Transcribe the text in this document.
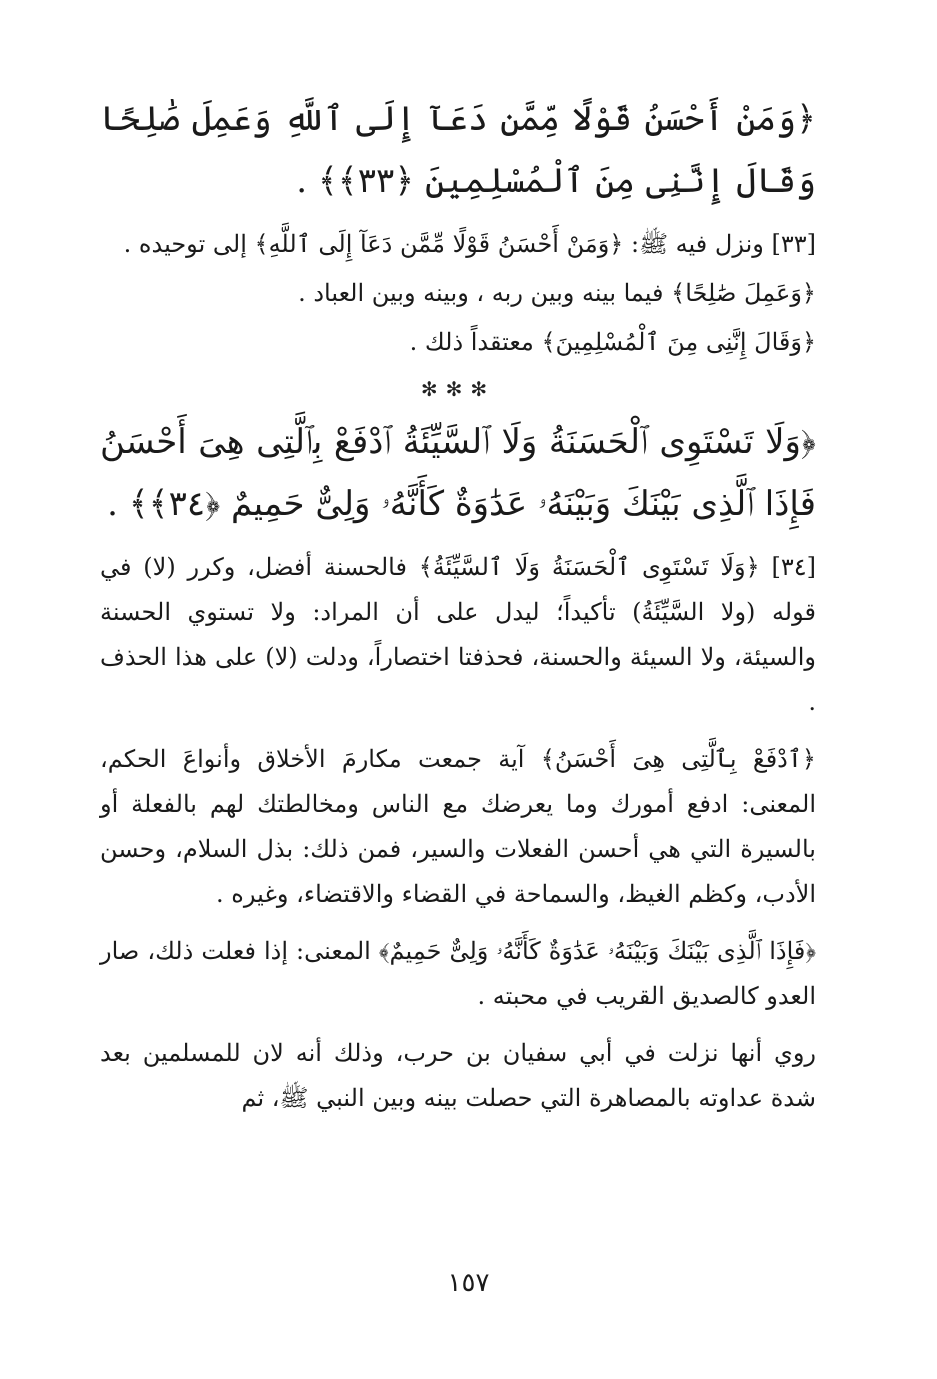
﴿وَمَنْ أَحْسَنُ قَوْلًا مِّمَّن دَعَآ إِلَى ٱللَّهِ وَعَمِلَ صَٰلِحًا وَقَالَ إِنَّنِى مِنَ ٱلْمُسْلِمِينَ ﴿٣٣﴾﴾ .

[٣٣] ونزل فيه ﷺ: ﴿وَمَنْ أَحْسَنُ قَوْلًا مِّمَّن دَعَآ إِلَى ٱللَّهِ﴾ إلى توحيده .

﴿وَعَمِلَ صَٰلِحًا﴾ فيما بينه وبين ربه ، وبينه وبين العباد .

﴿وَقَالَ إِنَّنِى مِنَ ٱلْمُسْلِمِينَ﴾ معتقداً ذلك .

✻✻✻

﴿وَلَا تَسْتَوِى ٱلْحَسَنَةُ وَلَا ٱلسَّيِّئَةُ ٱدْفَعْ بِٱلَّتِى هِىَ أَحْسَنُ فَإِذَا ٱلَّذِى بَيْنَكَ وَبَيْنَهُۥ عَدَٰوَةٌ كَأَنَّهُۥ وَلِىٌّ حَمِيمٌ ﴿٣٤﴾﴾ .

[٣٤] ﴿وَلَا تَسْتَوِى ٱلْحَسَنَةُ وَلَا ٱلسَّيِّئَةُ﴾ فالحسنة أفضل، وكرر (لا) في قوله (ولا السَّيِّئَةُ) تأكيداً؛ ليدل على أن المراد: ولا تستوي الحسنة والسيئة، ولا السيئة والحسنة، فحذفتا اختصاراً، ودلت (لا) على هذا الحذف .

﴿ٱدْفَعْ بِٱلَّتِى هِىَ أَحْسَنُ﴾ آية جمعت مكارمَ الأخلاق وأنواعَ الحكم، المعنى: ادفع أمورك وما يعرضك مع الناس ومخالطتك لهم بالفعلة أو بالسيرة التي هي أحسن الفعلات والسير، فمن ذلك: بذل السلام، وحسن الأدب، وكظم الغيظ، والسماحة في القضاء والاقتضاء، وغيره .

﴿فَإِذَا ٱلَّذِى بَيْنَكَ وَبَيْنَهُۥ عَدَٰوَةٌ كَأَنَّهُۥ وَلِىٌّ حَمِيمٌ﴾ المعنى: إذا فعلت ذلك، صار العدو كالصديق القريب في محبته .

روي أنها نزلت في أبي سفيان بن حرب، وذلك أنه لان للمسلمين بعد شدة عداوته بالمصاهرة التي حصلت بينه وبين النبي ﷺ، ثم

١٥٧
